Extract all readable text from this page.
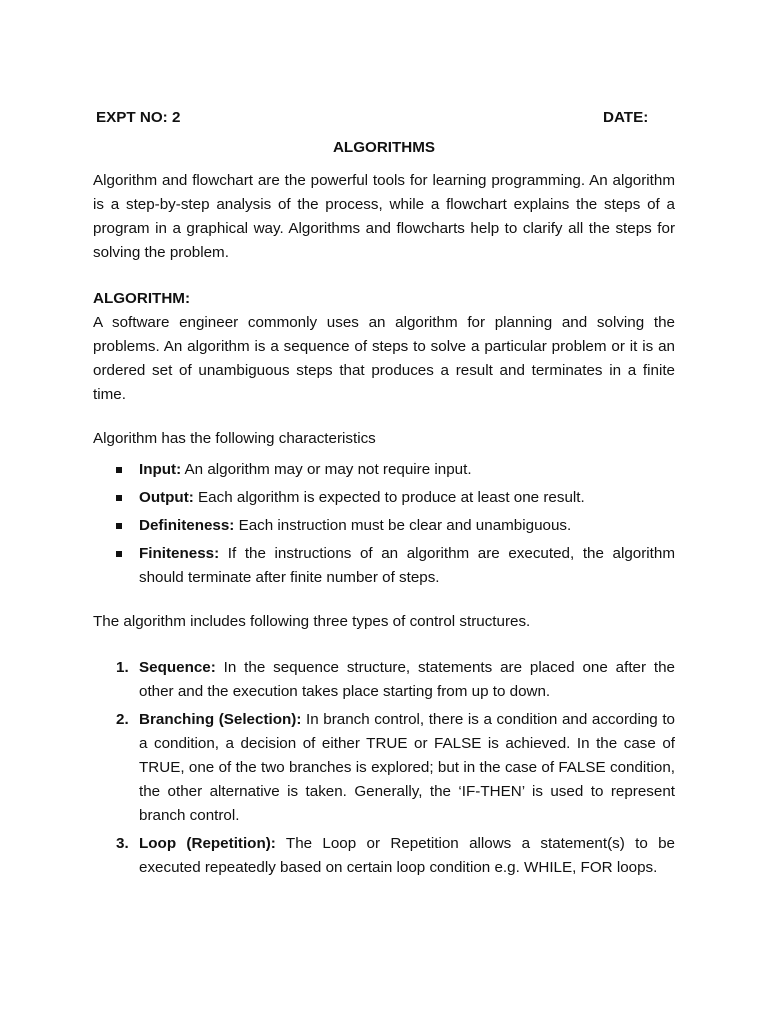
EXPT NO: 2	DATE:
ALGORITHMS

Algorithm and flowchart are the powerful tools for learning programming. An algorithm is a step-by-step analysis of the process, while a flowchart explains the steps of a program in a graphical way. Algorithms and flowcharts help to clarify all the steps for solving the problem.

ALGORITHM:

A software engineer commonly uses an algorithm for planning and solving the problems. An algorithm is a sequence of steps to solve a particular problem or it is an ordered set of unambiguous steps that produces a result and terminates in a finite time.

Algorithm has the following characteristics

Input: An algorithm may or may not require input.
Output: Each algorithm is expected to produce at least one result.
Definiteness: Each instruction must be clear and unambiguous.
Finiteness: If the instructions of an algorithm are executed, the algorithm should terminate after finite number of steps.

The algorithm includes following three types of control structures.

1. Sequence: In the sequence structure, statements are placed one after the other and the execution takes place starting from up to down.
2. Branching (Selection): In branch control, there is a condition and according to a condition, a decision of either TRUE or FALSE is achieved. In the case of TRUE, one of the two branches is explored; but in the case of FALSE condition, the other alternative is taken. Generally, the ‘IF-THEN’ is used to represent branch control.
3. Loop (Repetition): The Loop or Repetition allows a statement(s) to be executed repeatedly based on certain loop condition e.g. WHILE, FOR loops.
